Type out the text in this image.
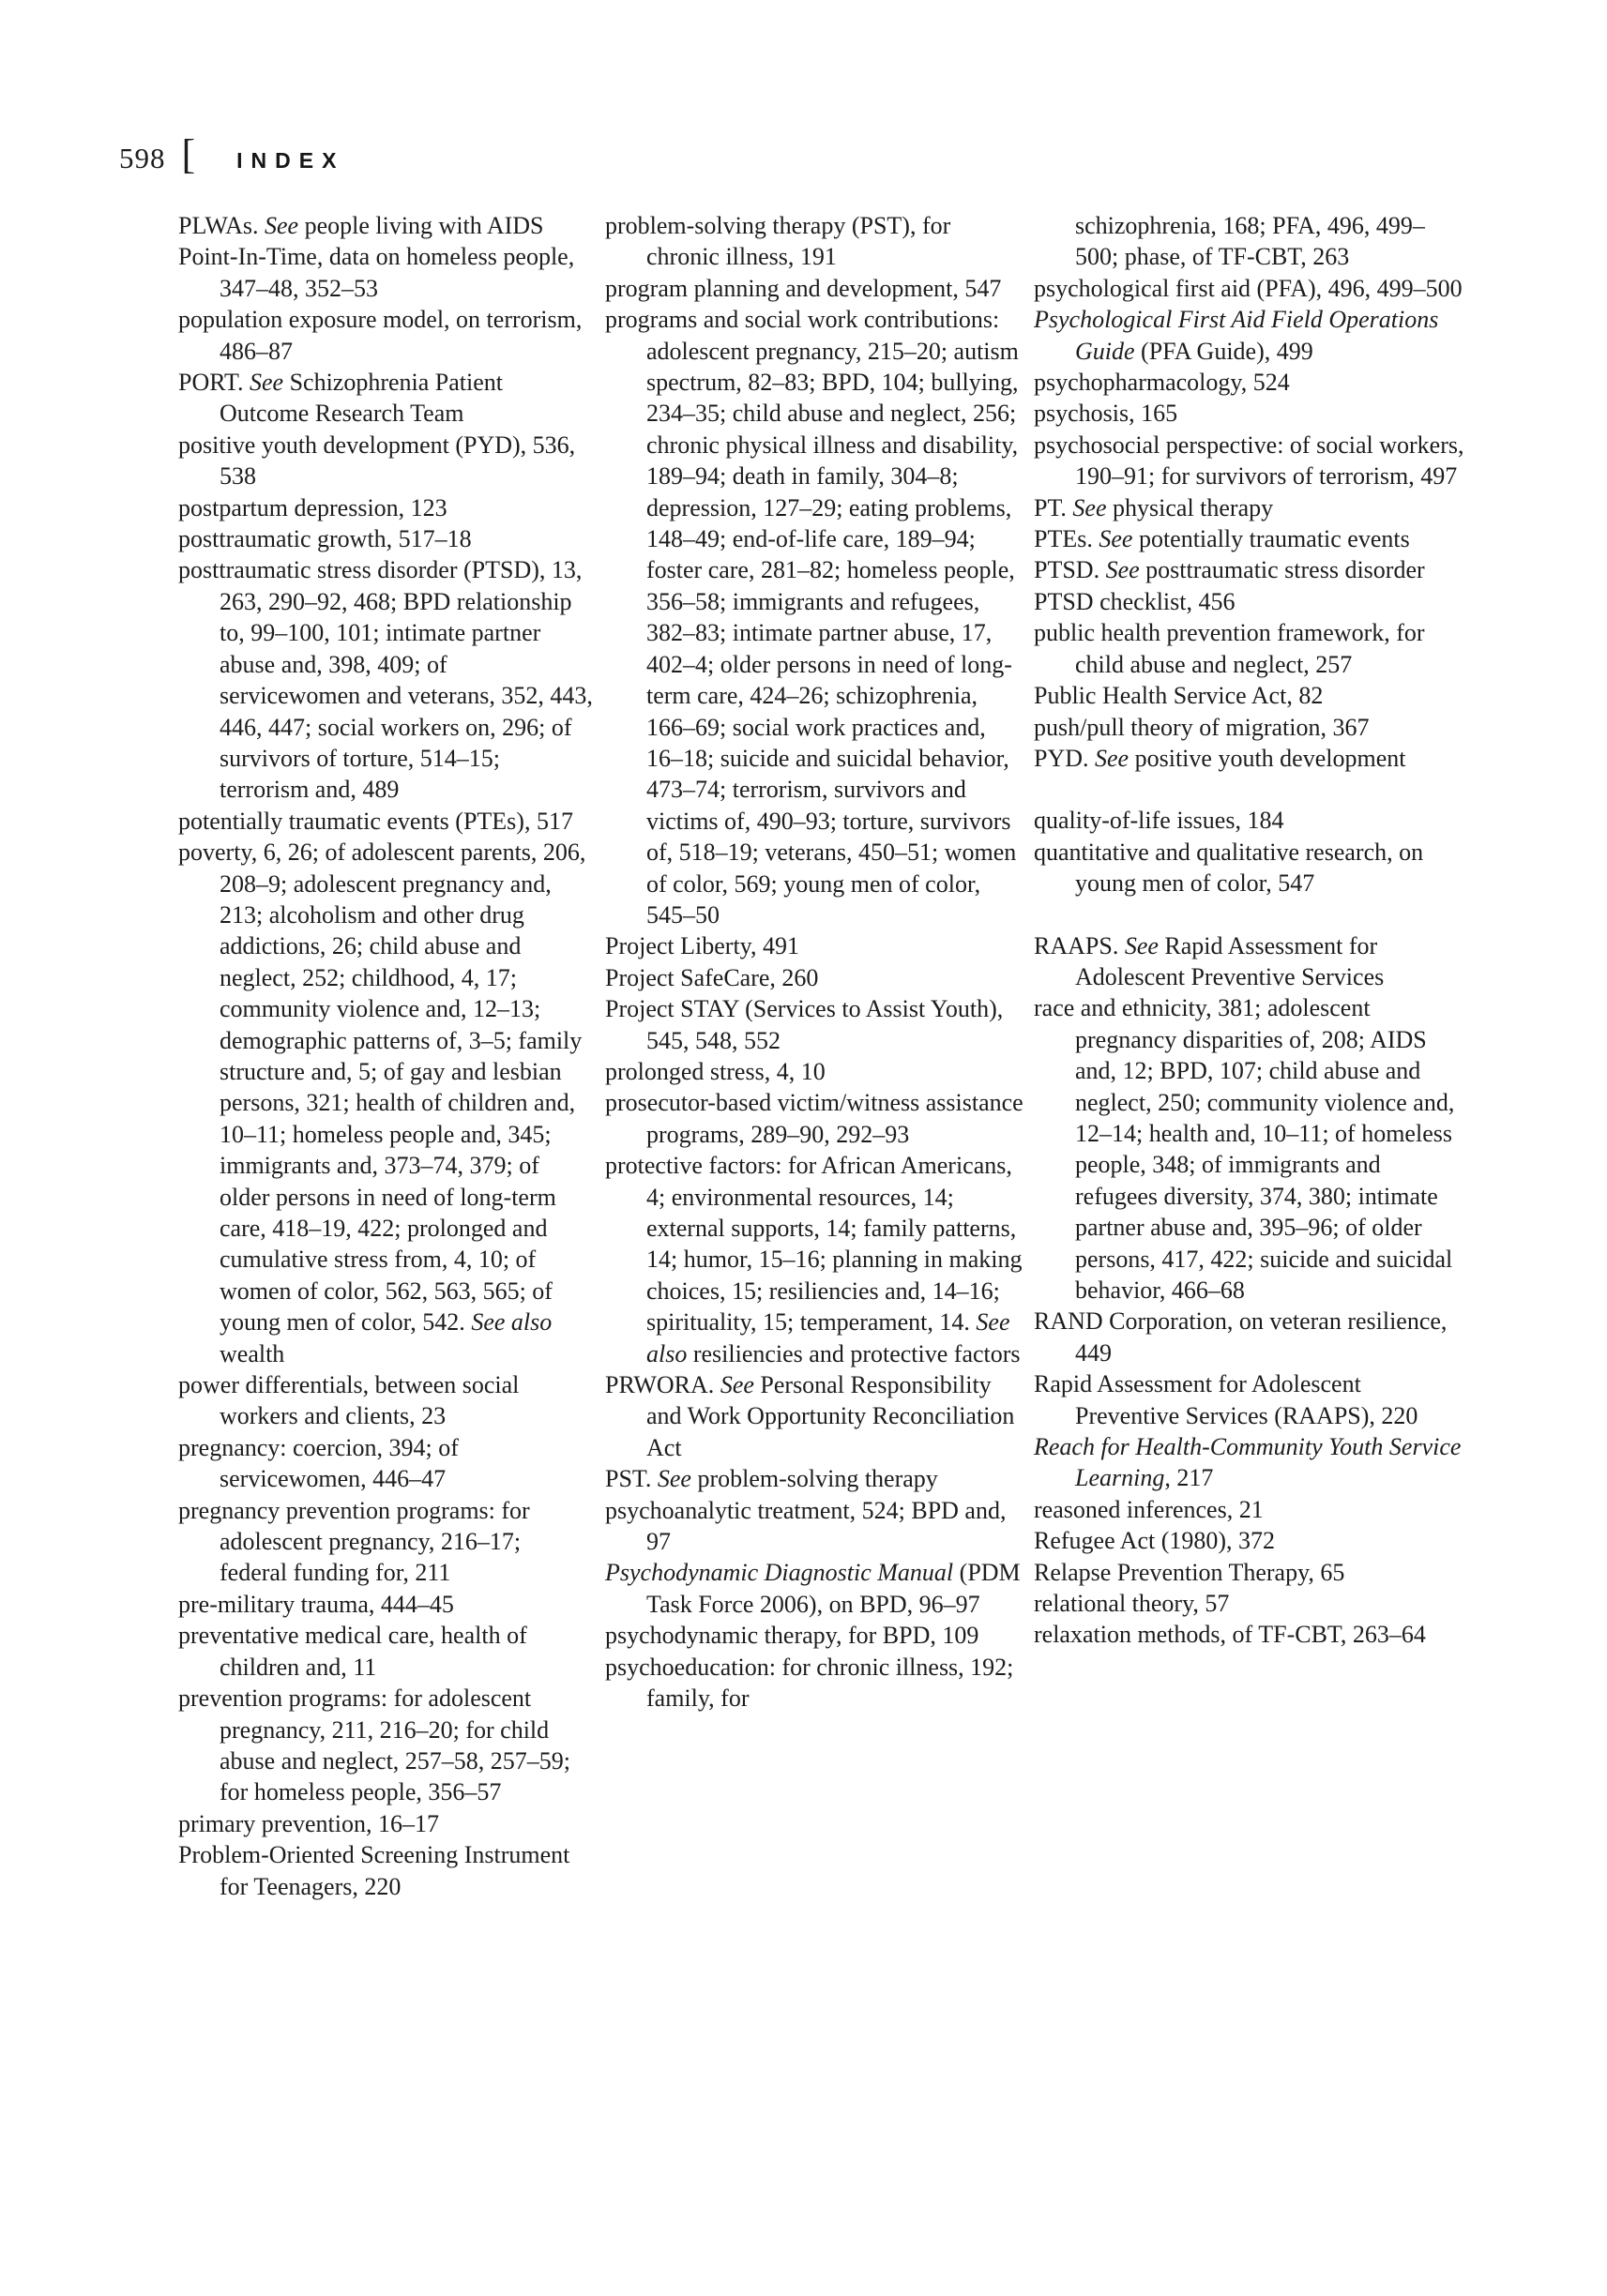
598 [ INDEX

PLWAs. See people living with AIDS

Point-In-Time, data on homeless people, 347–48, 352–53

population exposure model, on terrorism, 486–87

PORT. See Schizophrenia Patient Outcome Research Team

positive youth development (PYD), 536, 538

postpartum depression, 123

posttraumatic growth, 517–18

posttraumatic stress disorder (PTSD), 13, 263, 290–92, 468; BPD relationship to, 99–100, 101; intimate partner abuse and, 398, 409; of servicewomen and veterans, 352, 443, 446, 447; social workers on, 296; of survivors of torture, 514–15; terrorism and, 489

potentially traumatic events (PTEs), 517

poverty, 6, 26; of adolescent parents, 206, 208–9; adolescent pregnancy and, 213; alcoholism and other drug addictions, 26; child abuse and neglect, 252; childhood, 4, 17; community violence and, 12–13; demographic patterns of, 3–5; family structure and, 5; of gay and lesbian persons, 321; health of children and, 10–11; homeless people and, 345; immigrants and, 373–74, 379; of older persons in need of long-term care, 418–19, 422; prolonged and cumulative stress from, 4, 10; of women of color, 562, 563, 565; of young men of color, 542. See also wealth

power differentials, between social workers and clients, 23

pregnancy: coercion, 394; of servicewomen, 446–47

pregnancy prevention programs: for adolescent pregnancy, 216–17; federal funding for, 211

pre-military trauma, 444–45

preventative medical care, health of children and, 11

prevention programs: for adolescent pregnancy, 211, 216–20; for child abuse and neglect, 257–58, 257–59; for homeless people, 356–57

primary prevention, 16–17

Problem-Oriented Screening Instrument for Teenagers, 220

problem-solving therapy (PST), for chronic illness, 191

program planning and development, 547

programs and social work contributions: adolescent pregnancy, 215–20; autism spectrum, 82–83; BPD, 104; bullying, 234–35; child abuse and neglect, 256; chronic physical illness and disability, 189–94; death in family, 304–8; depression, 127–29; eating problems, 148–49; end-of-life care, 189–94; foster care, 281–82; homeless people, 356–58; immigrants and refugees, 382–83; intimate partner abuse, 17, 402–4; older persons in need of long-term care, 424–26; schizophrenia, 166–69; social work practices and, 16–18; suicide and suicidal behavior, 473–74; terrorism, survivors and victims of, 490–93; torture, survivors of, 518–19; veterans, 450–51; women of color, 569; young men of color, 545–50

Project Liberty, 491

Project SafeCare, 260

Project STAY (Services to Assist Youth), 545, 548, 552

prolonged stress, 4, 10

prosecutor-based victim/witness assistance programs, 289–90, 292–93

protective factors: for African Americans, 4; environmental resources, 14; external supports, 14; family patterns, 14; humor, 15–16; planning in making choices, 15; resiliencies and, 14–16; spirituality, 15; temperament, 14. See also resiliencies and protective factors

PRWORA. See Personal Responsibility and Work Opportunity Reconciliation Act

PST. See problem-solving therapy

psychoanalytic treatment, 524; BPD and, 97

Psychodynamic Diagnostic Manual (PDM Task Force 2006), on BPD, 96–97

psychodynamic therapy, for BPD, 109

psychoeducation: for chronic illness, 192; family, for

schizophrenia, 168; PFA, 496, 499–500; phase, of TF-CBT, 263

psychological first aid (PFA), 496, 499–500

Psychological First Aid Field Operations Guide (PFA Guide), 499

psychopharmacology, 524

psychosis, 165

psychosocial perspective: of social workers, 190–91; for survivors of terrorism, 497

PT. See physical therapy

PTEs. See potentially traumatic events

PTSD. See posttraumatic stress disorder

PTSD checklist, 456

public health prevention framework, for child abuse and neglect, 257

Public Health Service Act, 82

push/pull theory of migration, 367

PYD. See positive youth development

quality-of-life issues, 184

quantitative and qualitative research, on young men of color, 547

RAAPS. See Rapid Assessment for Adolescent Preventive Services

race and ethnicity, 381; adolescent pregnancy disparities of, 208; AIDS and, 12; BPD, 107; child abuse and neglect, 250; community violence and, 12–14; health and, 10–11; of homeless people, 348; of immigrants and refugees diversity, 374, 380; intimate partner abuse and, 395–96; of older persons, 417, 422; suicide and suicidal behavior, 466–68

RAND Corporation, on veteran resilience, 449

Rapid Assessment for Adolescent Preventive Services (RAAPS), 220

Reach for Health-Community Youth Service Learning, 217

reasoned inferences, 21

Refugee Act (1980), 372

Relapse Prevention Therapy, 65

relational theory, 57

relaxation methods, of TF-CBT, 263–64
